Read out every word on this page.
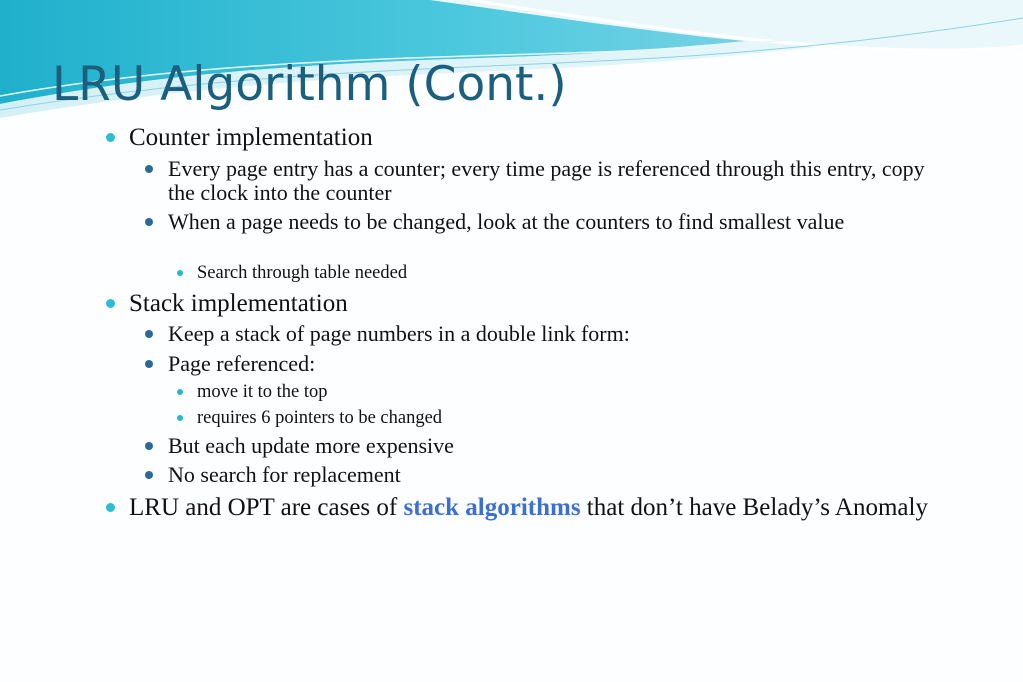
LRU Algorithm (Cont.)
Counter implementation
Every page entry has a counter; every time page is referenced through this entry, copy the clock into the counter
When a page needs to be changed, look at the counters to find smallest value
Search through table needed
Stack implementation
Keep a stack of page numbers in a double link form:
Page referenced:
move it to the top
requires 6 pointers to be changed
But each update more expensive
No search for replacement
LRU and OPT are cases of stack algorithms that don’t have Belady’s Anomaly
